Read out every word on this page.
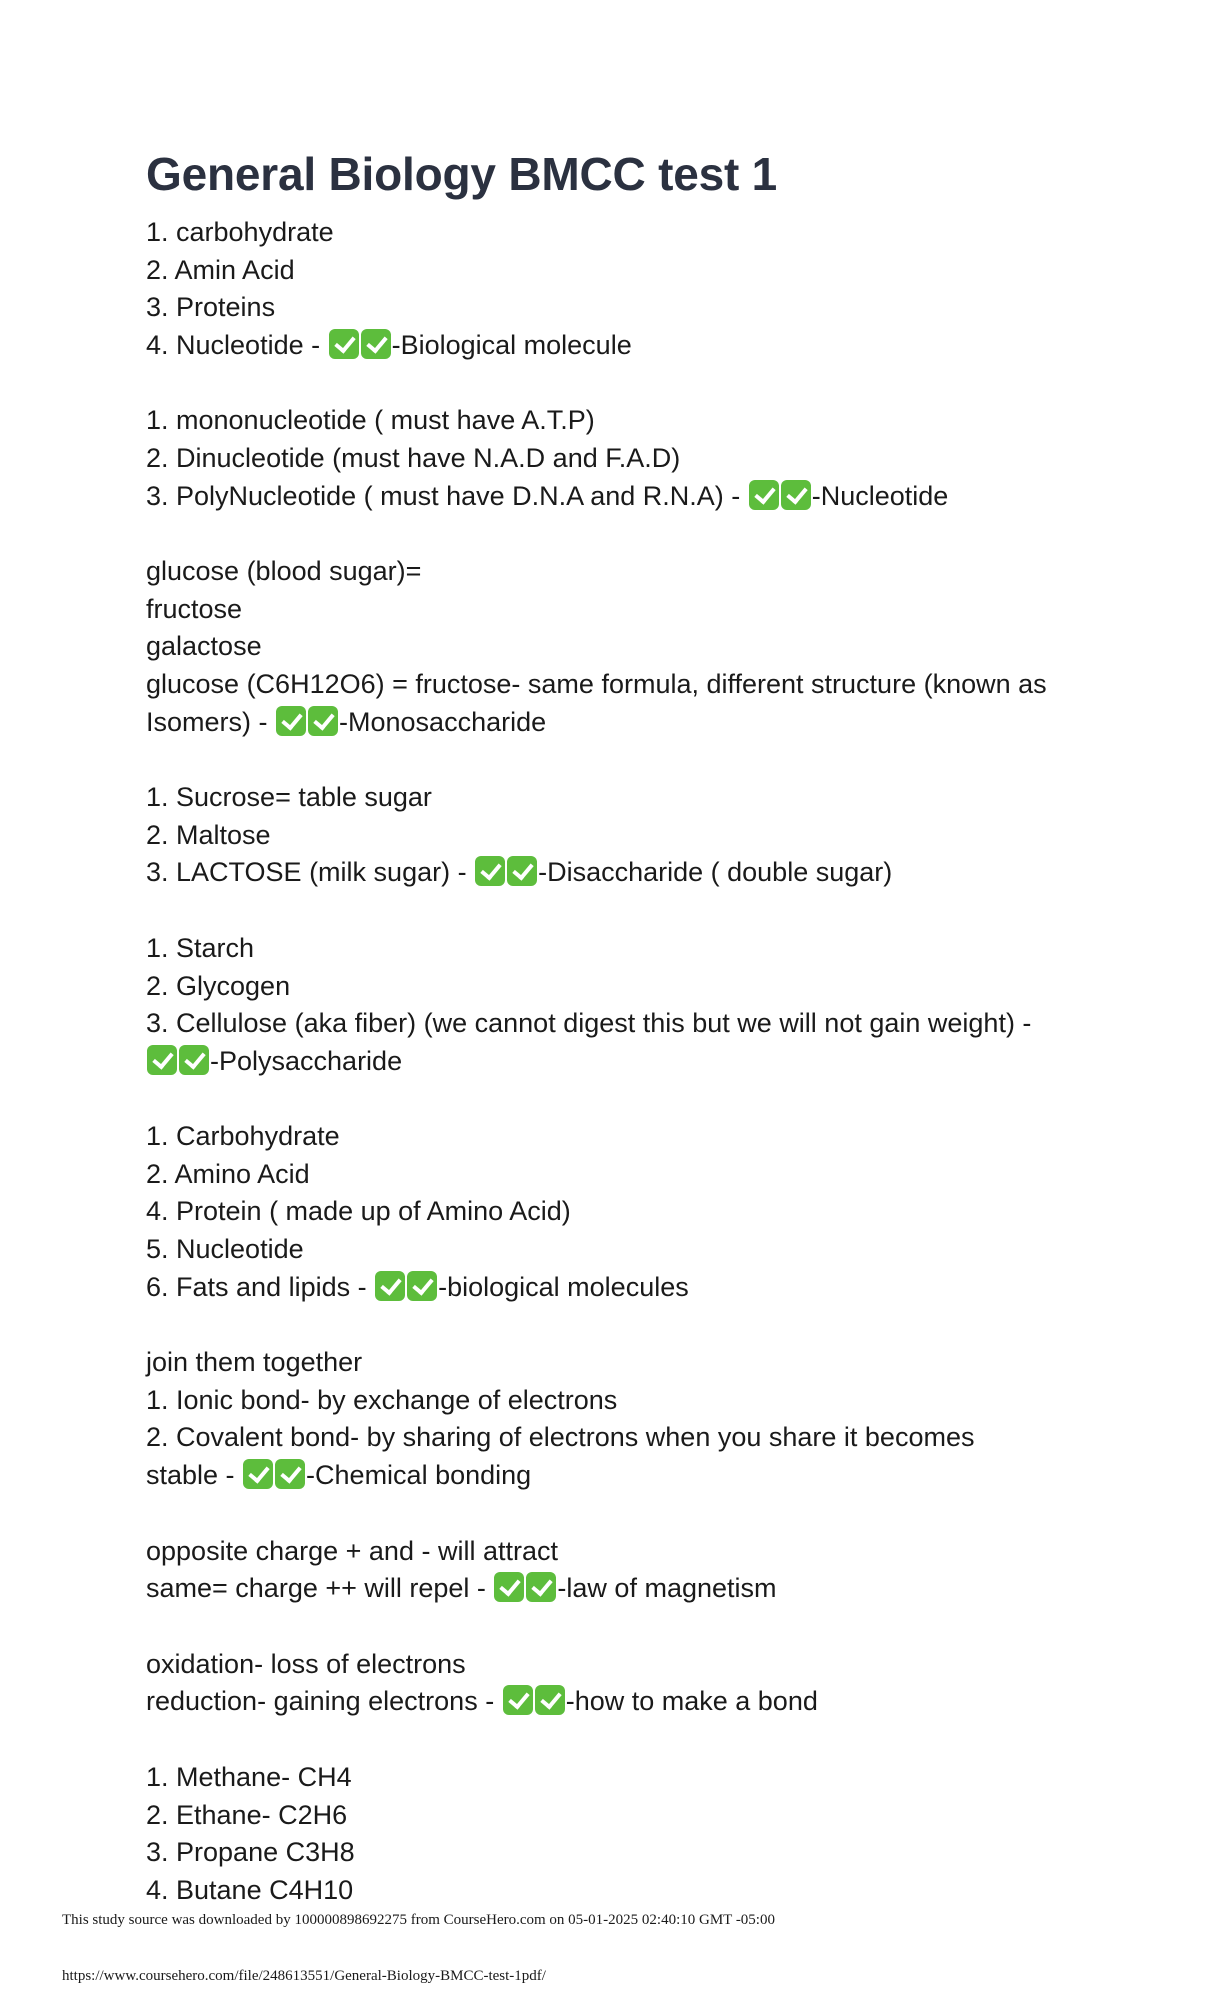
General Biology BMCC test 1
1. carbohydrate
2. Amin Acid
3. Proteins
4. Nucleotide - -Biological molecule
1. mononucleotide ( must have A.T.P)
2. Dinucleotide (must have N.A.D and F.A.D)
3. PolyNucleotide ( must have D.N.A and R.N.A) - -Nucleotide
glucose (blood sugar)=
fructose
galactose
glucose (C6H12O6) = fructose- same formula, different structure (known as
Isomers) - -Monosaccharide
1. Sucrose= table sugar
2. Maltose
3. LACTOSE (milk sugar) - -Disaccharide ( double sugar)
1. Starch
2. Glycogen
3. Cellulose (aka fiber) (we cannot digest this but we will not gain weight) -
-Polysaccharide
1. Carbohydrate
2. Amino Acid
4. Protein ( made up of Amino Acid)
5. Nucleotide
6. Fats and lipids - -biological molecules
join them together
1. Ionic bond- by exchange of electrons
2. Covalent bond- by sharing of electrons when you share it becomes
stable - -Chemical bonding
opposite charge + and - will attract
same= charge ++ will repel - -law of magnetism
oxidation- loss of electrons
reduction- gaining electrons - -how to make a bond
1. Methane- CH4
2. Ethane- C2H6
3. Propane C3H8
4. Butane C4H10
This study source was downloaded by 100000898692275 from CourseHero.com on 05-01-2025 02:40:10 GMT -05:00
https://www.coursehero.com/file/248613551/General-Biology-BMCC-test-1pdf/
